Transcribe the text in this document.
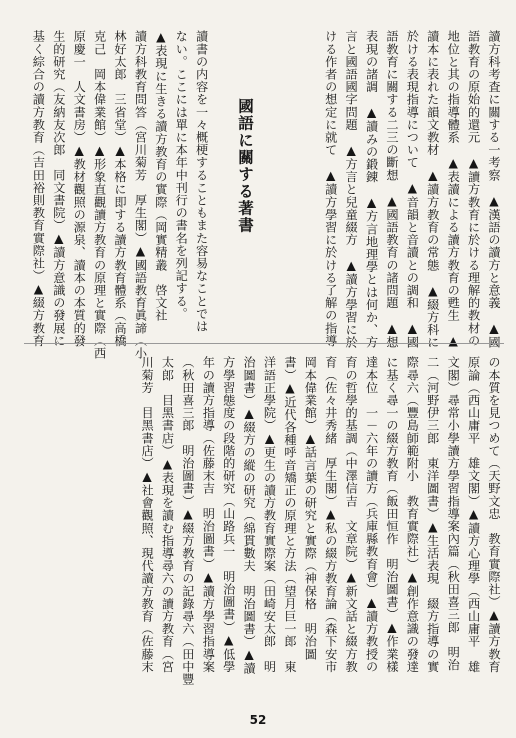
讀方科考査に關する一考察　▲漢語の讀方と意義　▲國
語教育の原始的還元　▲讀方教育に於ける理解的教材の
地位と其の指導體系　▲表讀による讀方教育の甦生　▲
讀本に表れた韻文教材　▲讀方教育の常態　▲綴方科に
於ける表現指導について　▲音韻と音讀との調和　▲國
語教育に關する二三の斷想　▲國語教育の諸問題　▲想
表現の諸調　▲讀みの鍛錬　▲方言地理學とは何か、方
言と國語國字問題　▲方言と兒童綴方　▲讀方學習に於
ける作者の想定に就て　▲讀方學習に於ける了解の指導
國語に關する著書
讀書の内容を一々概梗することもまた容易なことでは
ない。ここには單に本年中刊行の書名を列記する。
▲表現に生きる讀方教育の實際（岡實精叢　啓文社
讀方科教育問答（宮川菊芳　厚生閣）▲國語教育眞諦（小
林好太郎　三省堂）▲本格に即する讀方教育體系（高橋
克己　岡本偉業館）▲形象直觀讀方教育の原理と實際（西
原慶一　人文書房）▲教材觀照の源泉、讀本の本質的發
生的研究（友納友次郎　同文書院）▲讀方意識の發展に
基く綜合の讀方教育（吉田裕則教育實際社）▲綴方教育
の本質を見つめて（天野文忠　教育實際社）▲讀方教育
原論（西山庸平　雄文閣）▲讀方心理學（西山庸平　雄
文閣）尋常小學讀方學習指導案內篇（秋田喜三郎　明治
二（河野伊三郎　東洋圖書）▲生活表現　綴方指導の實
際尋六（豐島師範附小　教育實際社）▲創作意識の發達
に基く尋一の綴方教育（飯田恒作　明治圖書）▲作業樣
達本位　一－六年の讀方（兵庫縣教育會）▲讀方教授の
育の哲學的基調（中澤信吉　文章院）▲新文話と綴方教
育（佐々井秀緒　厚生閣）▲私の綴方教育論（森下安市
岡本偉業館）▲話言葉の研究と實際（神保格　明治圖
書）▲近代各種呼音矯正の原理と方法（望月巨一郎　東
洋語正學院）▲更生の讀方教育實際案（田崎安太郎　明
治圖書）▲綴方の縱の研究（綿貫數夫　明治圖書）▲讀
方學習態度の段階的研究（山路兵一　明治圖書）▲低學
年の讀方指導（佐藤末吉　明治圖書）▲讀方學習指導案
（秋田喜三郎　明治圖書）▲綴方教育の記錄尋六（田中豐
太郎　目黑書店）▲表現を讀む指導尋六の讀方教育（宮
川菊芳　目黑書店）▲社會觀照、現代讀方教育（佐藤末
52
